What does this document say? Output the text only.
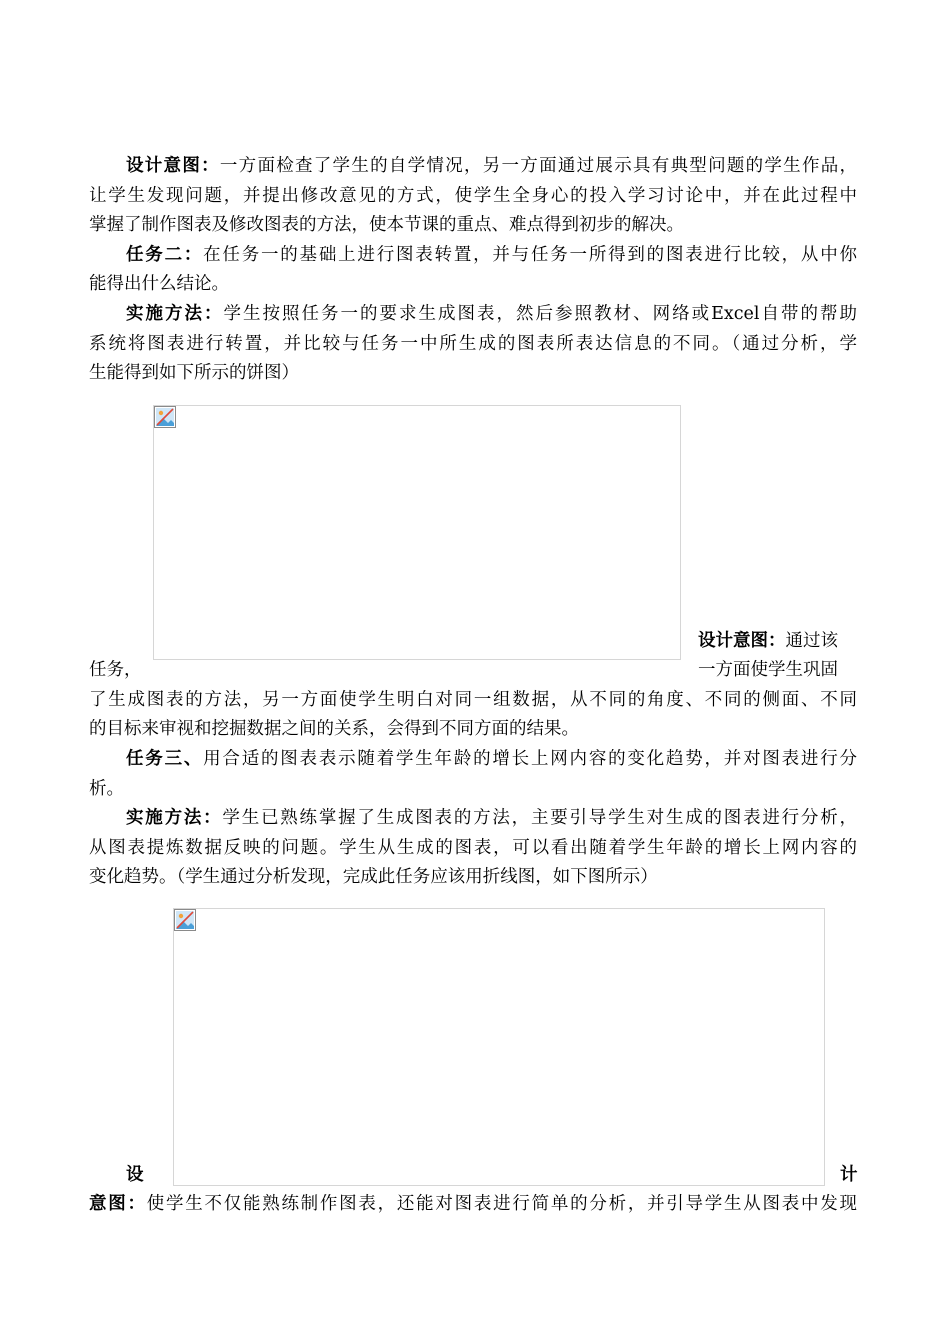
设计意图：一方面检查了学生的自学情况，另一方面通过展示具有典型问题的学生作品，
让学生发现问题，并提出修改意见的方式，使学生全身心的投入学习讨论中，并在此过程中
掌握了制作图表及修改图表的方法，使本节课的重点、难点得到初步的解决。
任务二：在任务一的基础上进行图表转置，并与任务一所得到的图表进行比较，从中你
能得出什么结论。
实施方法：学生按照任务一的要求生成图表，然后参照教材、网络或Excel自带的帮助
系统将图表进行转置，并比较与任务一中所生成的图表所表达信息的不同。（通过分析，学
生能得到如下所示的饼图）
设计意图：通过该
任务，	一方面使学生巩固
了生成图表的方法，另一方面使学生明白对同一组数据，从不同的角度、不同的侧面、不同
的目标来审视和挖掘数据之间的关系，会得到不同方面的结果。
任务三、用合适的图表表示随着学生年龄的增长上网内容的变化趋势，并对图表进行分
析。
实施方法：学生已熟练掌握了生成图表的方法，主要引导学生对生成的图表进行分析，
从图表提炼数据反映的问题。学生从生成的图表，可以看出随着学生年龄的增长上网内容的
变化趋势。（学生通过分析发现，完成此任务应该用折线图，如下图所示）
设	计
意图：使学生不仅能熟练制作图表，还能对图表进行简单的分析，并引导学生从图表中发现
